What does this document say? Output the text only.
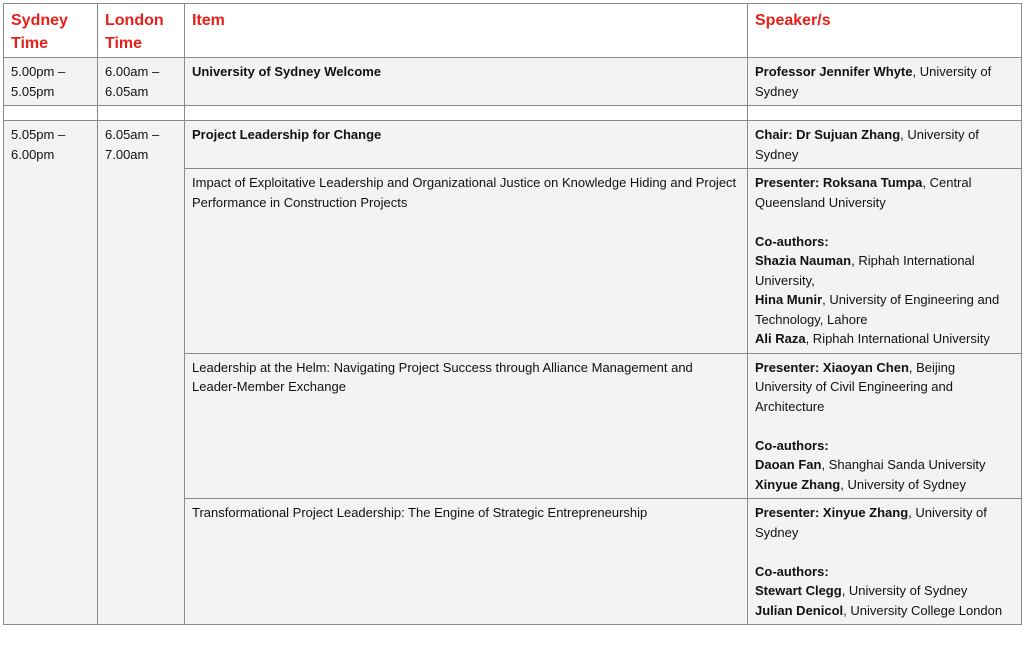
Sydney Time	London Time	Item	Speaker/s
5.00pm – 5.05pm	6.00am – 6.05am	University of Sydney Welcome	Professor Jennifer Whyte, University of Sydney

5.05pm – 6.00pm	6.05am – 7.00am	Project Leadership for Change	Chair: Dr Sujuan Zhang, University of Sydney
		Impact of Exploitative Leadership and Organizational Justice on Knowledge Hiding and Project Performance in Construction Projects	Presenter: Roksana Tumpa, Central Queensland University
Co-authors:
Shazia Nauman, Riphah International University,
Hina Munir, University of Engineering and Technology, Lahore
Ali Raza, Riphah International University

		Leadership at the Helm: Navigating Project Success through Alliance Management and Leader-Member Exchange	Presenter: Xiaoyan Chen, Beijing University of Civil Engineering and Architecture
Co-authors:
Daoan Fan, Shanghai Sanda University
Xinyue Zhang, University of Sydney

		Transformational Project Leadership: The Engine of Strategic Entrepreneurship	Presenter: Xinyue Zhang, University of Sydney
Co-authors:
Stewart Clegg, University of Sydney
Julian Denicol, University College London
